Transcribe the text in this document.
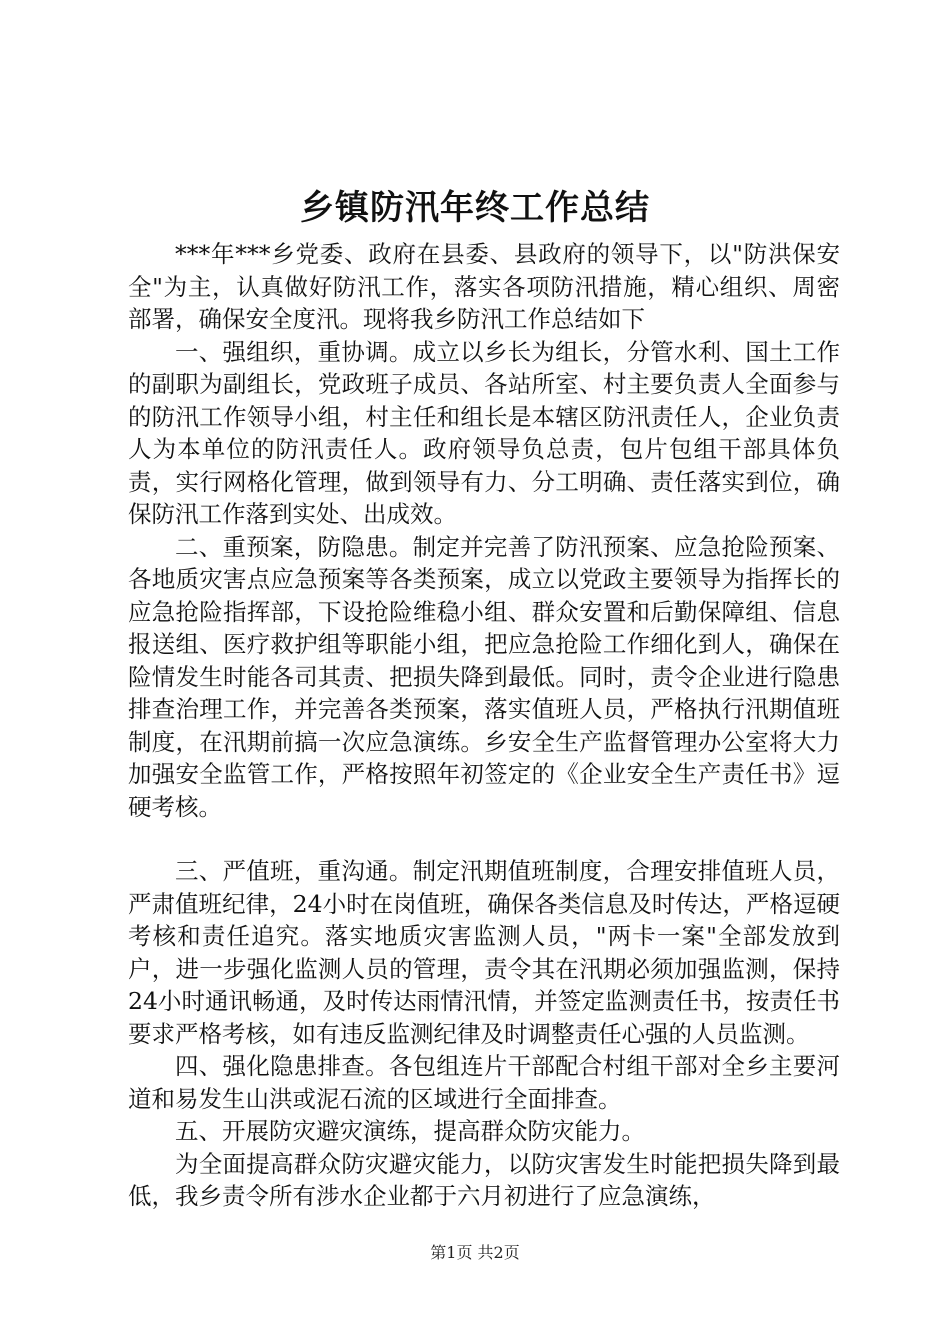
乡镇防汛年终工作总结

***年***乡党委、政府在县委、县政府的领导下，以"防洪保安全"为主，认真做好防汛工作，落实各项防汛措施，精心组织、周密部署，确保安全度汛。现将我乡防汛工作总结如下

一、强组织，重协调。成立以乡长为组长，分管水利、国土工作的副职为副组长，党政班子成员、各站所室、村主要负责人全面参与的防汛工作领导小组，村主任和组长是本辖区防汛责任人，企业负责人为本单位的防汛责任人。政府领导负总责，包片包组干部具体负责，实行网格化管理，做到领导有力、分工明确、责任落实到位，确保防汛工作落到实处、出成效。

二、重预案，防隐患。制定并完善了防汛预案、应急抢险预案、各地质灾害点应急预案等各类预案，成立以党政主要领导为指挥长的应急抢险指挥部，下设抢险维稳小组、群众安置和后勤保障组、信息报送组、医疗救护组等职能小组，把应急抢险工作细化到人，确保在险情发生时能各司其责、把损失降到最低。同时，责令企业进行隐患排查治理工作，并完善各类预案，落实值班人员，严格执行汛期值班制度，在汛期前搞一次应急演练。乡安全生产监督管理办公室将大力加强安全监管工作，严格按照年初签定的《企业安全生产责任书》逗硬考核。

三、严值班，重沟通。制定汛期值班制度，合理安排值班人员，严肃值班纪律，24小时在岗值班，确保各类信息及时传达，严格逗硬考核和责任追究。落实地质灾害监测人员，"两卡一案"全部发放到户，进一步强化监测人员的管理，责令其在汛期必须加强监测，保持24小时通讯畅通，及时传达雨情汛情，并签定监测责任书，按责任书要求严格考核，如有违反监测纪律及时调整责任心强的人员监测。

四、强化隐患排查。各包组连片干部配合村组干部对全乡主要河道和易发生山洪或泥石流的区域进行全面排查。

五、开展防灾避灾演练，提高群众防灾能力。

为全面提高群众防灾避灾能力，以防灾害发生时能把损失降到最低，我乡责令所有涉水企业都于六月初进行了应急演练，

第1页 共2页
